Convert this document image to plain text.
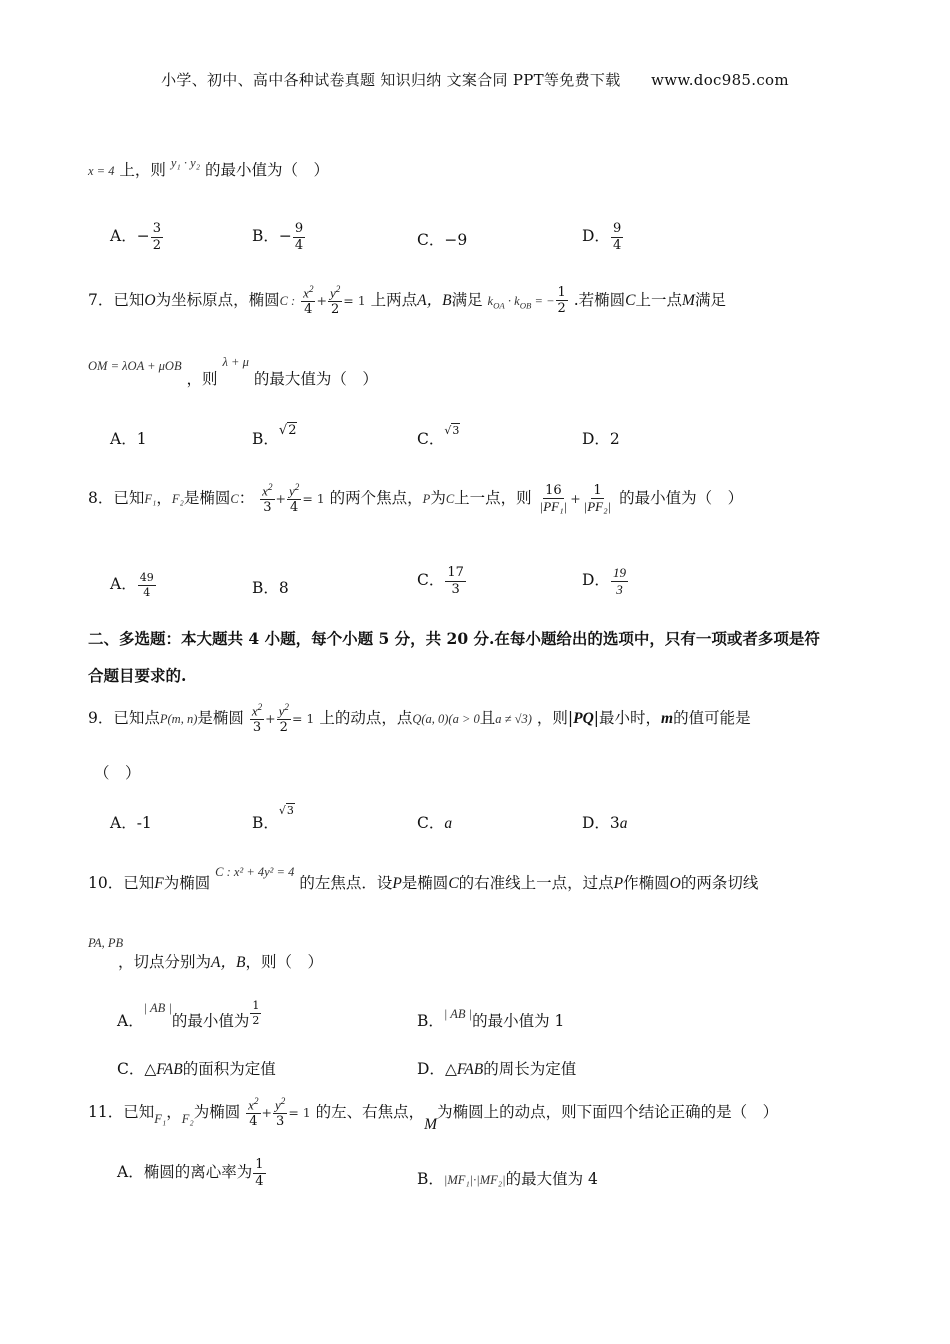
小学、初中、高中各种试卷真题 知识归纳 文案合同 PPT等免费下载　　www.doc985.com
x = 4 上，则 $^{y_1 \cdot y_2}$ 的最小值为（　）
A．− $\frac{3}{2}$	B．− $\frac{9}{4}$	C．−9	D． $\frac{9}{4}$
7．已知O为坐标原点，椭圆C : $\frac{x^2}{4} + \frac{y^2}{2} = 1$ 上两点A，B满足 $k_{OA} \cdot k_{OB}$ = − $\frac{1}{2}$ .若椭圆C上一点M满足
$^{OM = \lambda OA + \mu OB}$ ，则 $^{\lambda + \mu}$ 的最大值为（　）
A．1	B．√2	C．√3	D．2
8．已知F₁，F₂是椭圆C： $\frac{x^2}{3} + \frac{y^2}{4} = 1$ 的两个焦点，P为C上一点，则 $\frac{16}{\text{|PF₁|}} + \frac{1}{\text{|PF₂|}}$ 的最小值为（　）
A． $\frac{49}{4}$	B．8	C． $\frac{17}{3}$	D． $\frac{19}{3}$
二、多选题：本大题共 4 小题，每个小题 5 分，共 20 分.在每小题给出的选项中，只有一项或者多项是符
合题目要求的.
9．已知点P(m, n)是椭圆 $\frac{x^2}{3} + \frac{y^2}{2} = 1$ 上的动点，点Q(a, 0)(a > 0且a ≠ √3) ，则|PQ|最小时，m的值可能是
（　）
A．-1	B．√3
C．a	D．3a
10．已知F为椭圆 C : x² + 4y² = 4 的左焦点．设P是椭圆C的右准线上一点，过点P作椭圆O的两条切线
PA, PB
，切点分别为A，B，则（　）
A．| AB |的最小值为 $\frac{1}{2}$	B．| AB |的最小值为 1
C．△FAB的面积为定值	D．△FAB的周长为定值
11．已知$_{F_1}$，$_{F_2}$为椭圆 $\frac{x^2}{4} + \frac{y^2}{3} = 1$ 的左、右焦点，M为椭圆上的动点，则下面四个结论正确的是（　）
A．椭圆的离心率为 $\frac{1}{4}$	B．|MF₁|·|MF₂|的最大值为 4
